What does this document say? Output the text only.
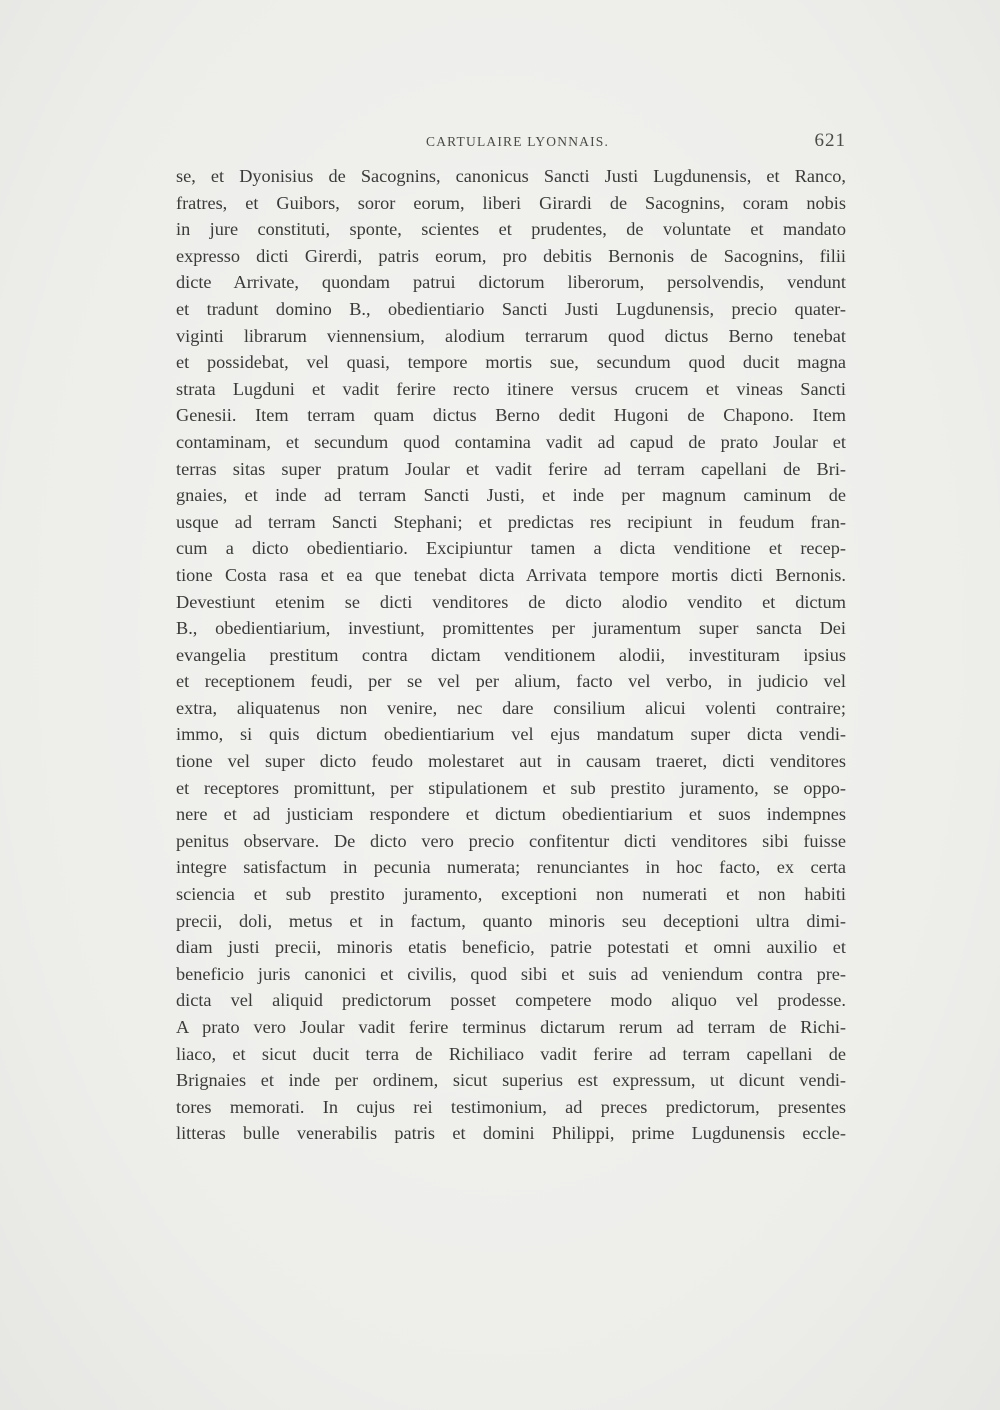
CARTULAIRE LYONNAIS.	621
se, et Dyonisius de Sacognins, canonicus Sancti Justi Lugdunensis, et Ranco,
fratres, et Guibors, soror eorum, liberi Girardi de Sacognins, coram nobis
in jure constituti, sponte, scientes et prudentes, de voluntate et mandato
expresso dicti Girerdi, patris eorum, pro debitis Bernonis de Sacognins, filii
dicte Arrivate, quondam patrui dictorum liberorum, persolvendis, vendunt
et tradunt domino B., obedientiario Sancti Justi Lugdunensis, precio quater-
viginti librarum viennensium, alodium terrarum quod dictus Berno tenebat
et possidebat, vel quasi, tempore mortis sue, secundum quod ducit magna
strata Lugduni et vadit ferire recto itinere versus crucem et vineas Sancti
Genesii. Item terram quam dictus Berno dedit Hugoni de Chapono. Item
contaminam, et secundum quod contamina vadit ad capud de prato Joular et
terras sitas super pratum Joular et vadit ferire ad terram capellani de Bri-
gnaies, et inde ad terram Sancti Justi, et inde per magnum caminum de
usque ad terram Sancti Stephani; et predictas res recipiunt in feudum fran-
cum a dicto obedientiario. Excipiuntur tamen a dicta venditione et recep-
tione Costa rasa et ea que tenebat dicta Arrivata tempore mortis dicti Bernonis.
Devestiunt etenim se dicti venditores de dicto alodio vendito et dictum
B., obedientiarium, investiunt, promittentes per juramentum super sancta Dei
evangelia prestitum contra dictam venditionem alodii, investituram ipsius
et receptionem feudi, per se vel per alium, facto vel verbo, in judicio vel
extra, aliquatenus non venire, nec dare consilium alicui volenti contraire;
immo, si quis dictum obedientiarium vel ejus mandatum super dicta vendi-
tione vel super dicto feudo molestaret aut in causam traeret, dicti venditores
et receptores promittunt, per stipulationem et sub prestito juramento, se oppo-
nere et ad justiciam respondere et dictum obedientiarium et suos indempnes
penitus observare. De dicto vero precio confitentur dicti venditores sibi fuisse
integre satisfactum in pecunia numerata; renunciantes in hoc facto, ex certa
sciencia et sub prestito juramento, exceptioni non numerati et non habiti
precii, doli, metus et in factum, quanto minoris seu deceptioni ultra dimi-
diam justi precii, minoris etatis beneficio, patrie potestati et omni auxilio et
beneficio juris canonici et civilis, quod sibi et suis ad veniendum contra pre-
dicta vel aliquid predictorum posset competere modo aliquo vel prodesse.
A prato vero Joular vadit ferire terminus dictarum rerum ad terram de Richi-
liaco, et sicut ducit terra de Richiliaco vadit ferire ad terram capellani de
Brignaies et inde per ordinem, sicut superius est expressum, ut dicunt vendi-
tores memorati. In cujus rei testimonium, ad preces predictorum, presentes
litteras bulle venerabilis patris et domini Philippi, prime Lugdunensis eccle-
